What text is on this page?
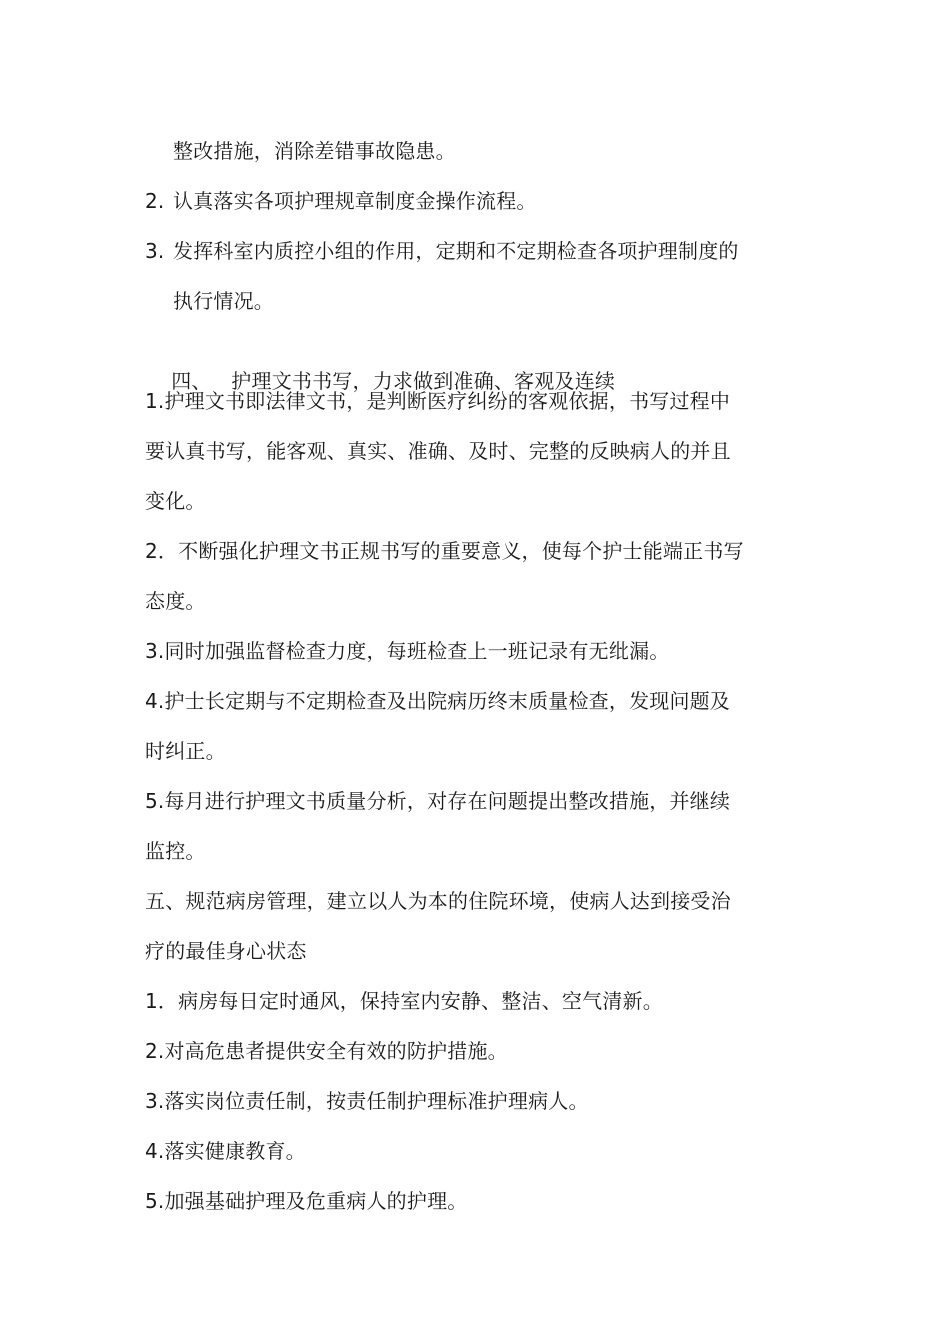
整改措施，消除差错事故隐患。
2. 认真落实各项护理规章制度金操作流程。
3. 发挥科室内质控小组的作用，定期和不定期检查各项护理制度的
执行情况。

四、   护理文书书写，力求做到准确、客观及连续

1.护理文书即法律文书，是判断医疗纠纷的客观依据，书写过程中
要认真书写，能客观、真实、准确、及时、完整的反映病人的并且
变化。
2．不断强化护理文书正规书写的重要意义，使每个护士能端正书写
态度。
3.同时加强监督检查力度，每班检查上一班记录有无纰漏。
4.护士长定期与不定期检查及出院病历终末质量检查，发现问题及
时纠正。
5.每月进行护理文书质量分析，对存在问题提出整改措施，并继续
监控。
五、规范病房管理，建立以人为本的住院环境，使病人达到接受治
疗的最佳身心状态
1．病房每日定时通风，保持室内安静、整洁、空气清新。
2.对高危患者提供安全有效的防护措施。
3.落实岗位责任制，按责任制护理标准护理病人。
4.落实健康教育。
5.加强基础护理及危重病人的护理。
